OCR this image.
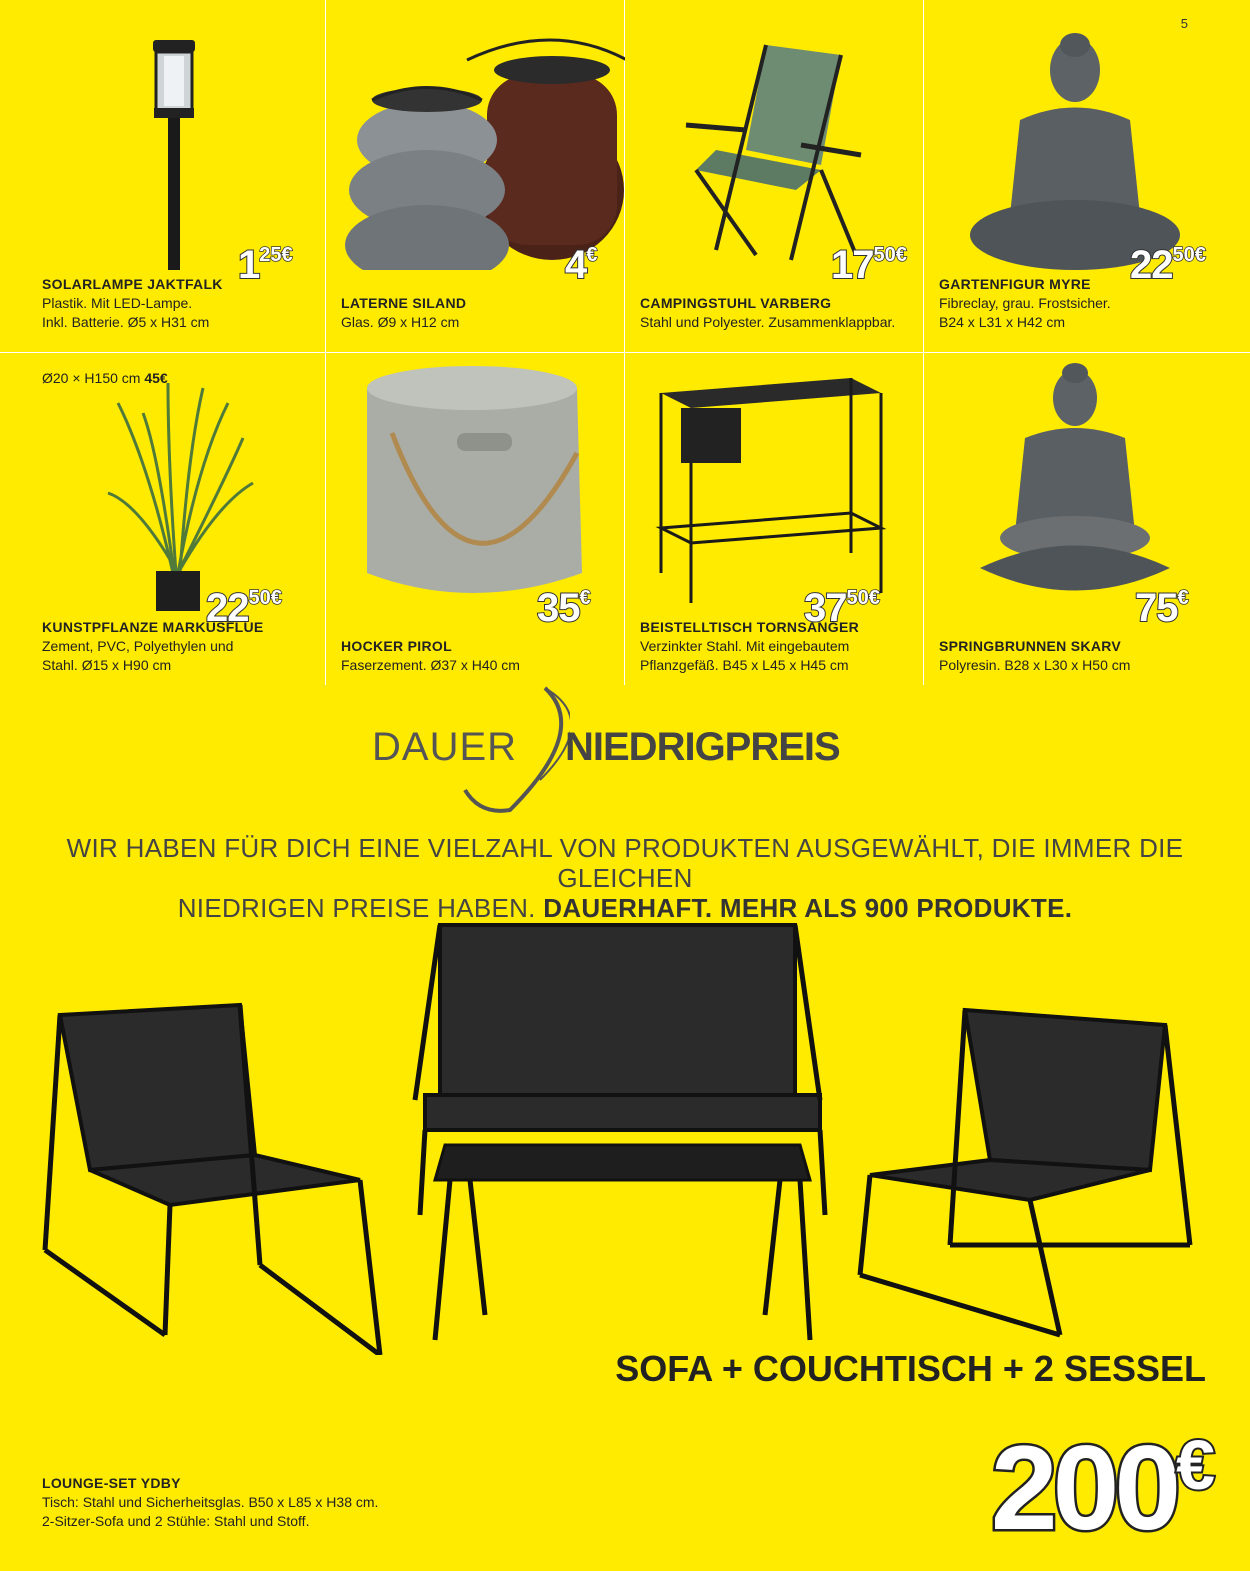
5
$1^{25€}$
SOLARLAMPE JAKTFALK
Plastik. Mit LED-Lampe.
Inkl. Batterie. Ø5 x H31 cm
4€
LATERNE SILAND
Glas. Ø9 x H12 cm
$17^{50€}$
CAMPINGSTUHL VARBERG
Stahl und Polyester. Zusammenklappbar.
$22^{50€}$
GARTENFIGUR MYRE
Fibreclay, grau. Frostsicher.
B24 x L31 x H42 cm
$22^{50€}$
KUNSTPFLANZE MARKUSFLUE
Zement, PVC, Polyethylen und
Stahl. Ø15 x H90 cm
35€
HOCKER PIROL
Faserzement. Ø37 x H40 cm
$37^{50€}$
BEISTELLTISCH TORNSANGER
Verzinkter Stahl. Mit eingebautem
Pflanzgefäß. B45 x L45 x H45 cm
75€
SPRINGBRUNNEN SKARV
Polyresin. B28 x L30 x H50 cm
Ø20 × H150 cm 45€
DAUER NIEDRIGPREIS
WIR HABEN FÜR DICH EINE VIELZAHL VON PRODUKTEN AUSGEWÄHLT, DIE IMMER DIE GLEICHEN
NIEDRIGEN PREISE HABEN. DAUERHAFT. MEHR ALS 900 PRODUKTE.
SOFA + COUCHTISCH + 2 SESSEL
200€
LOUNGE-SET YDBY
Tisch: Stahl und Sicherheitsglas. B50 x L85 x H38 cm.
2-Sitzer-Sofa und 2 Stühle: Stahl und Stoff.
